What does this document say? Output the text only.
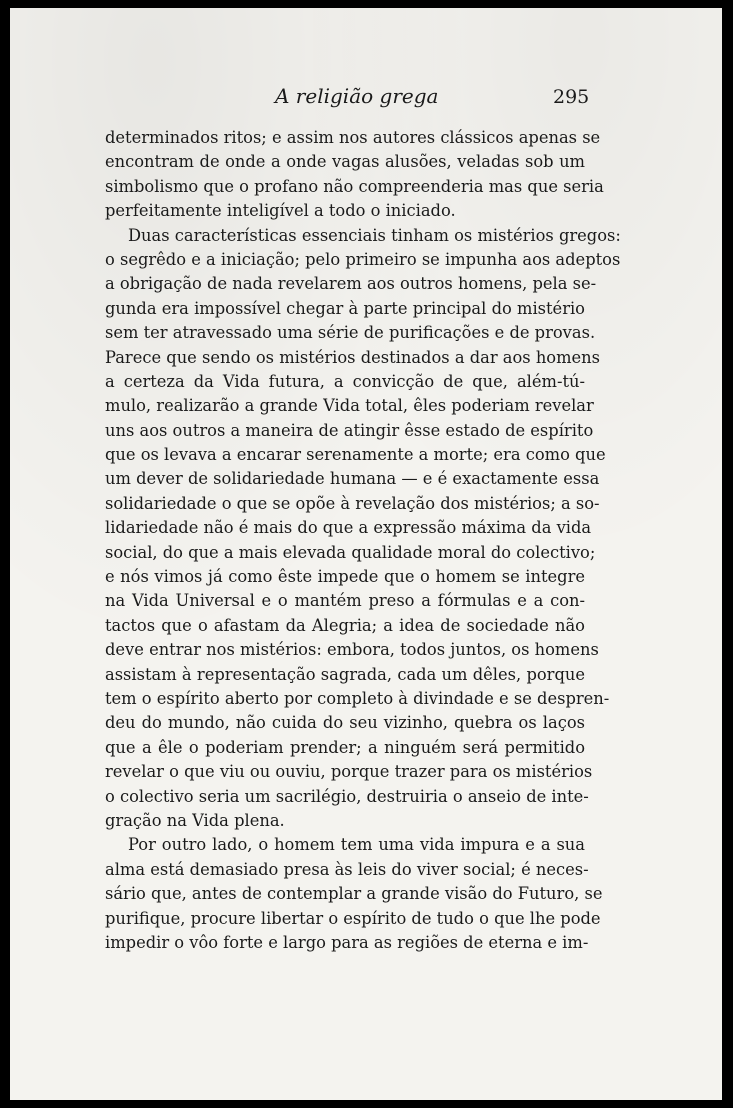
A religião grega	295
determinados ritos; e assim nos autores clássicos apenas se
encontram de onde a onde vagas alusões, veladas sob um
simbolismo que o profano não compreenderia mas que seria
perfeitamente inteligível a todo o iniciado.
Duas características essenciais tinham os mistérios gregos:
o segrêdo e a iniciação; pelo primeiro se impunha aos adeptos
a obrigação de nada revelarem aos outros homens, pela se-
gunda era impossível chegar à parte principal do mistério
sem ter atravessado uma série de purificações e de provas.
Parece que sendo os mistérios destinados a dar aos homens
a certeza da Vida futura, a convicção de que, além-tú-
mulo, realizarão a grande Vida total, êles poderiam revelar
uns aos outros a maneira de atingir êsse estado de espírito
que os levava a encarar serenamente a morte; era como que
um dever de solidariedade humana — e é exactamente essa
solidariedade o que se opõe à revelação dos mistérios; a so-
lidariedade não é mais do que a expressão máxima da vida
social, do que a mais elevada qualidade moral do colectivo;
e nós vimos já como êste impede que o homem se integre
na Vida Universal e o mantém preso a fórmulas e a con-
tactos que o afastam da Alegria; a idea de sociedade não
deve entrar nos mistérios: embora, todos juntos, os homens
assistam à representação sagrada, cada um dêles, porque
tem o espírito aberto por completo à divindade e se despren-
deu do mundo, não cuida do seu vizinho, quebra os laços
que a êle o poderiam prender; a ninguém será permitido
revelar o que viu ou ouviu, porque trazer para os mistérios
o colectivo seria um sacrilégio, destruiria o anseio de inte-
gração na Vida plena.
Por outro lado, o homem tem uma vida impura e a sua
alma está demasiado presa às leis do viver social; é neces-
sário que, antes de contemplar a grande visão do Futuro, se
purifique, procure libertar o espírito de tudo o que lhe pode
impedir o vôo forte e largo para as regiões de eterna e im-
